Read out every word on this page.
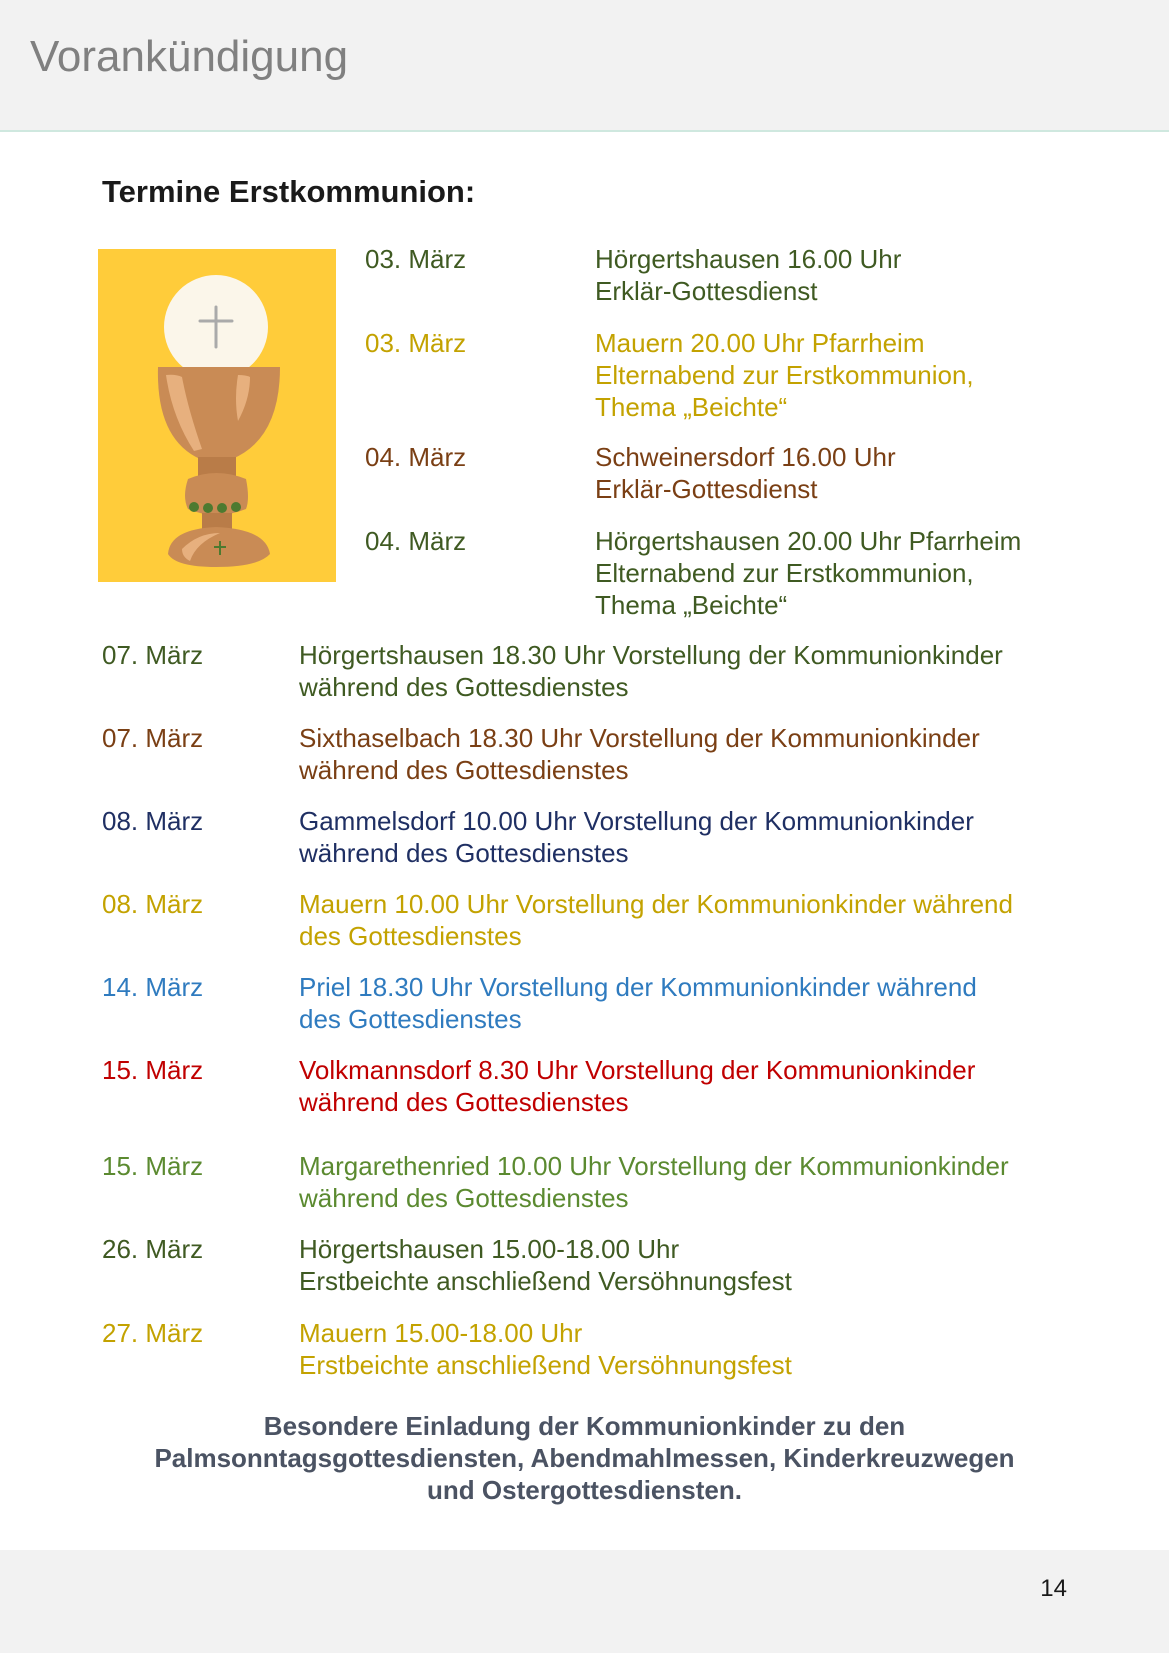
Vorankündigung
Termine Erstkommunion:
03. März	Hörgertshausen 16.00 Uhr
Erklär-Gottesdienst
03. März	Mauern 20.00 Uhr Pfarrheim
Elternabend zur Erstkommunion,
Thema „Beichte“
04. März	Schweinersdorf 16.00 Uhr
Erklär-Gottesdienst
04. März	Hörgertshausen 20.00 Uhr Pfarrheim
Elternabend zur Erstkommunion,
Thema „Beichte“
07. März	Hörgertshausen 18.30 Uhr Vorstellung der Kommunionkinder
während des Gottesdienstes
07. März	Sixthaselbach 18.30 Uhr Vorstellung der Kommunionkinder
während des Gottesdienstes
08. März	Gammelsdorf 10.00 Uhr Vorstellung der Kommunionkinder
während des Gottesdienstes
08. März	Mauern 10.00 Uhr Vorstellung der Kommunionkinder während
des Gottesdienstes
14. März	Priel 18.30 Uhr Vorstellung der Kommunionkinder während
des Gottesdienstes
15. März	Volkmannsdorf 8.30 Uhr Vorstellung der Kommunionkinder
während des Gottesdienstes
15. März	Margarethenried 10.00 Uhr Vorstellung der Kommunionkinder
während des Gottesdienstes
26. März	Hörgertshausen 15.00-18.00 Uhr
Erstbeichte anschließend Versöhnungsfest
27. März	Mauern 15.00-18.00 Uhr
Erstbeichte anschließend Versöhnungsfest
Besondere Einladung der Kommunionkinder zu den
Palmsonntagsgottesdiensten, Abendmahlmessen, Kinderkreuzwegen
und Ostergottesdiensten.
14
